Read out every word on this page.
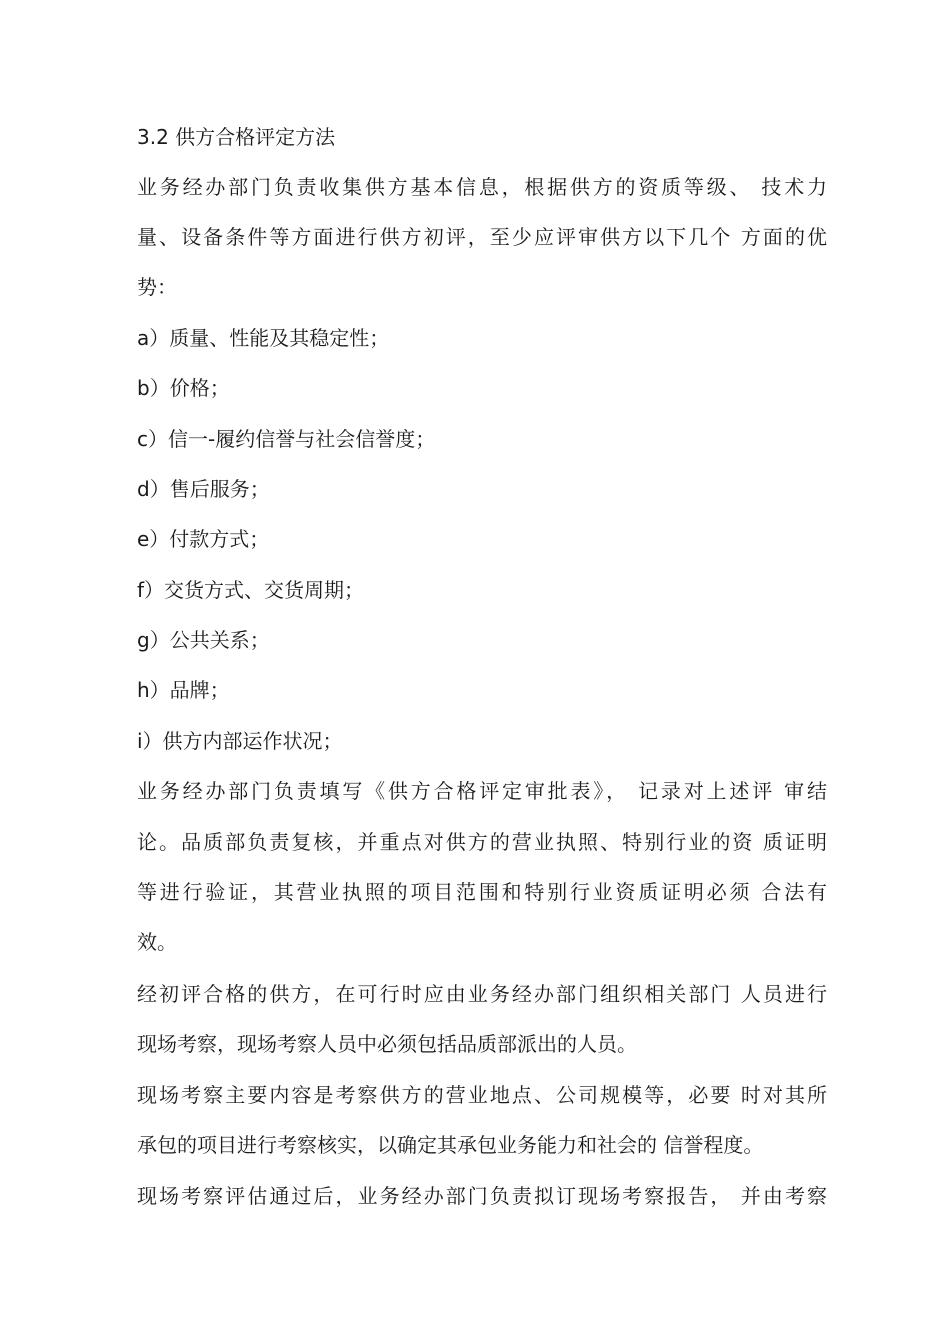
3.2 供方合格评定方法
业务经办部门负责收集供方基本信息，根据供方的资质等级、 技术力
量、设备条件等方面进行供方初评，至少应评审供方以下几个 方面的优
势：
a）质量、性能及其稳定性；
b）价格；
c）信一-履约信誉与社会信誉度；
d）售后服务；
e）付款方式；
f）交货方式、交货周期；
g）公共关系；
h）品牌；
i）供方内部运作状况；
业务经办部门负责填写《供方合格评定审批表》， 记录对上述评 审结
论。品质部负责复核，并重点对供方的营业执照、特别行业的资 质证明
等进行验证，其营业执照的项目范围和特别行业资质证明必须 合法有
效。
经初评合格的供方，在可行时应由业务经办部门组织相关部门 人员进行
现场考察，现场考察人员中必须包括品质部派出的人员。
现场考察主要内容是考察供方的营业地点、公司规模等，必要 时对其所
承包的项目进行考察核实，以确定其承包业务能力和社会的 信誉程度。
现场考察评估通过后，业务经办部门负责拟订现场考察报告， 并由考察
